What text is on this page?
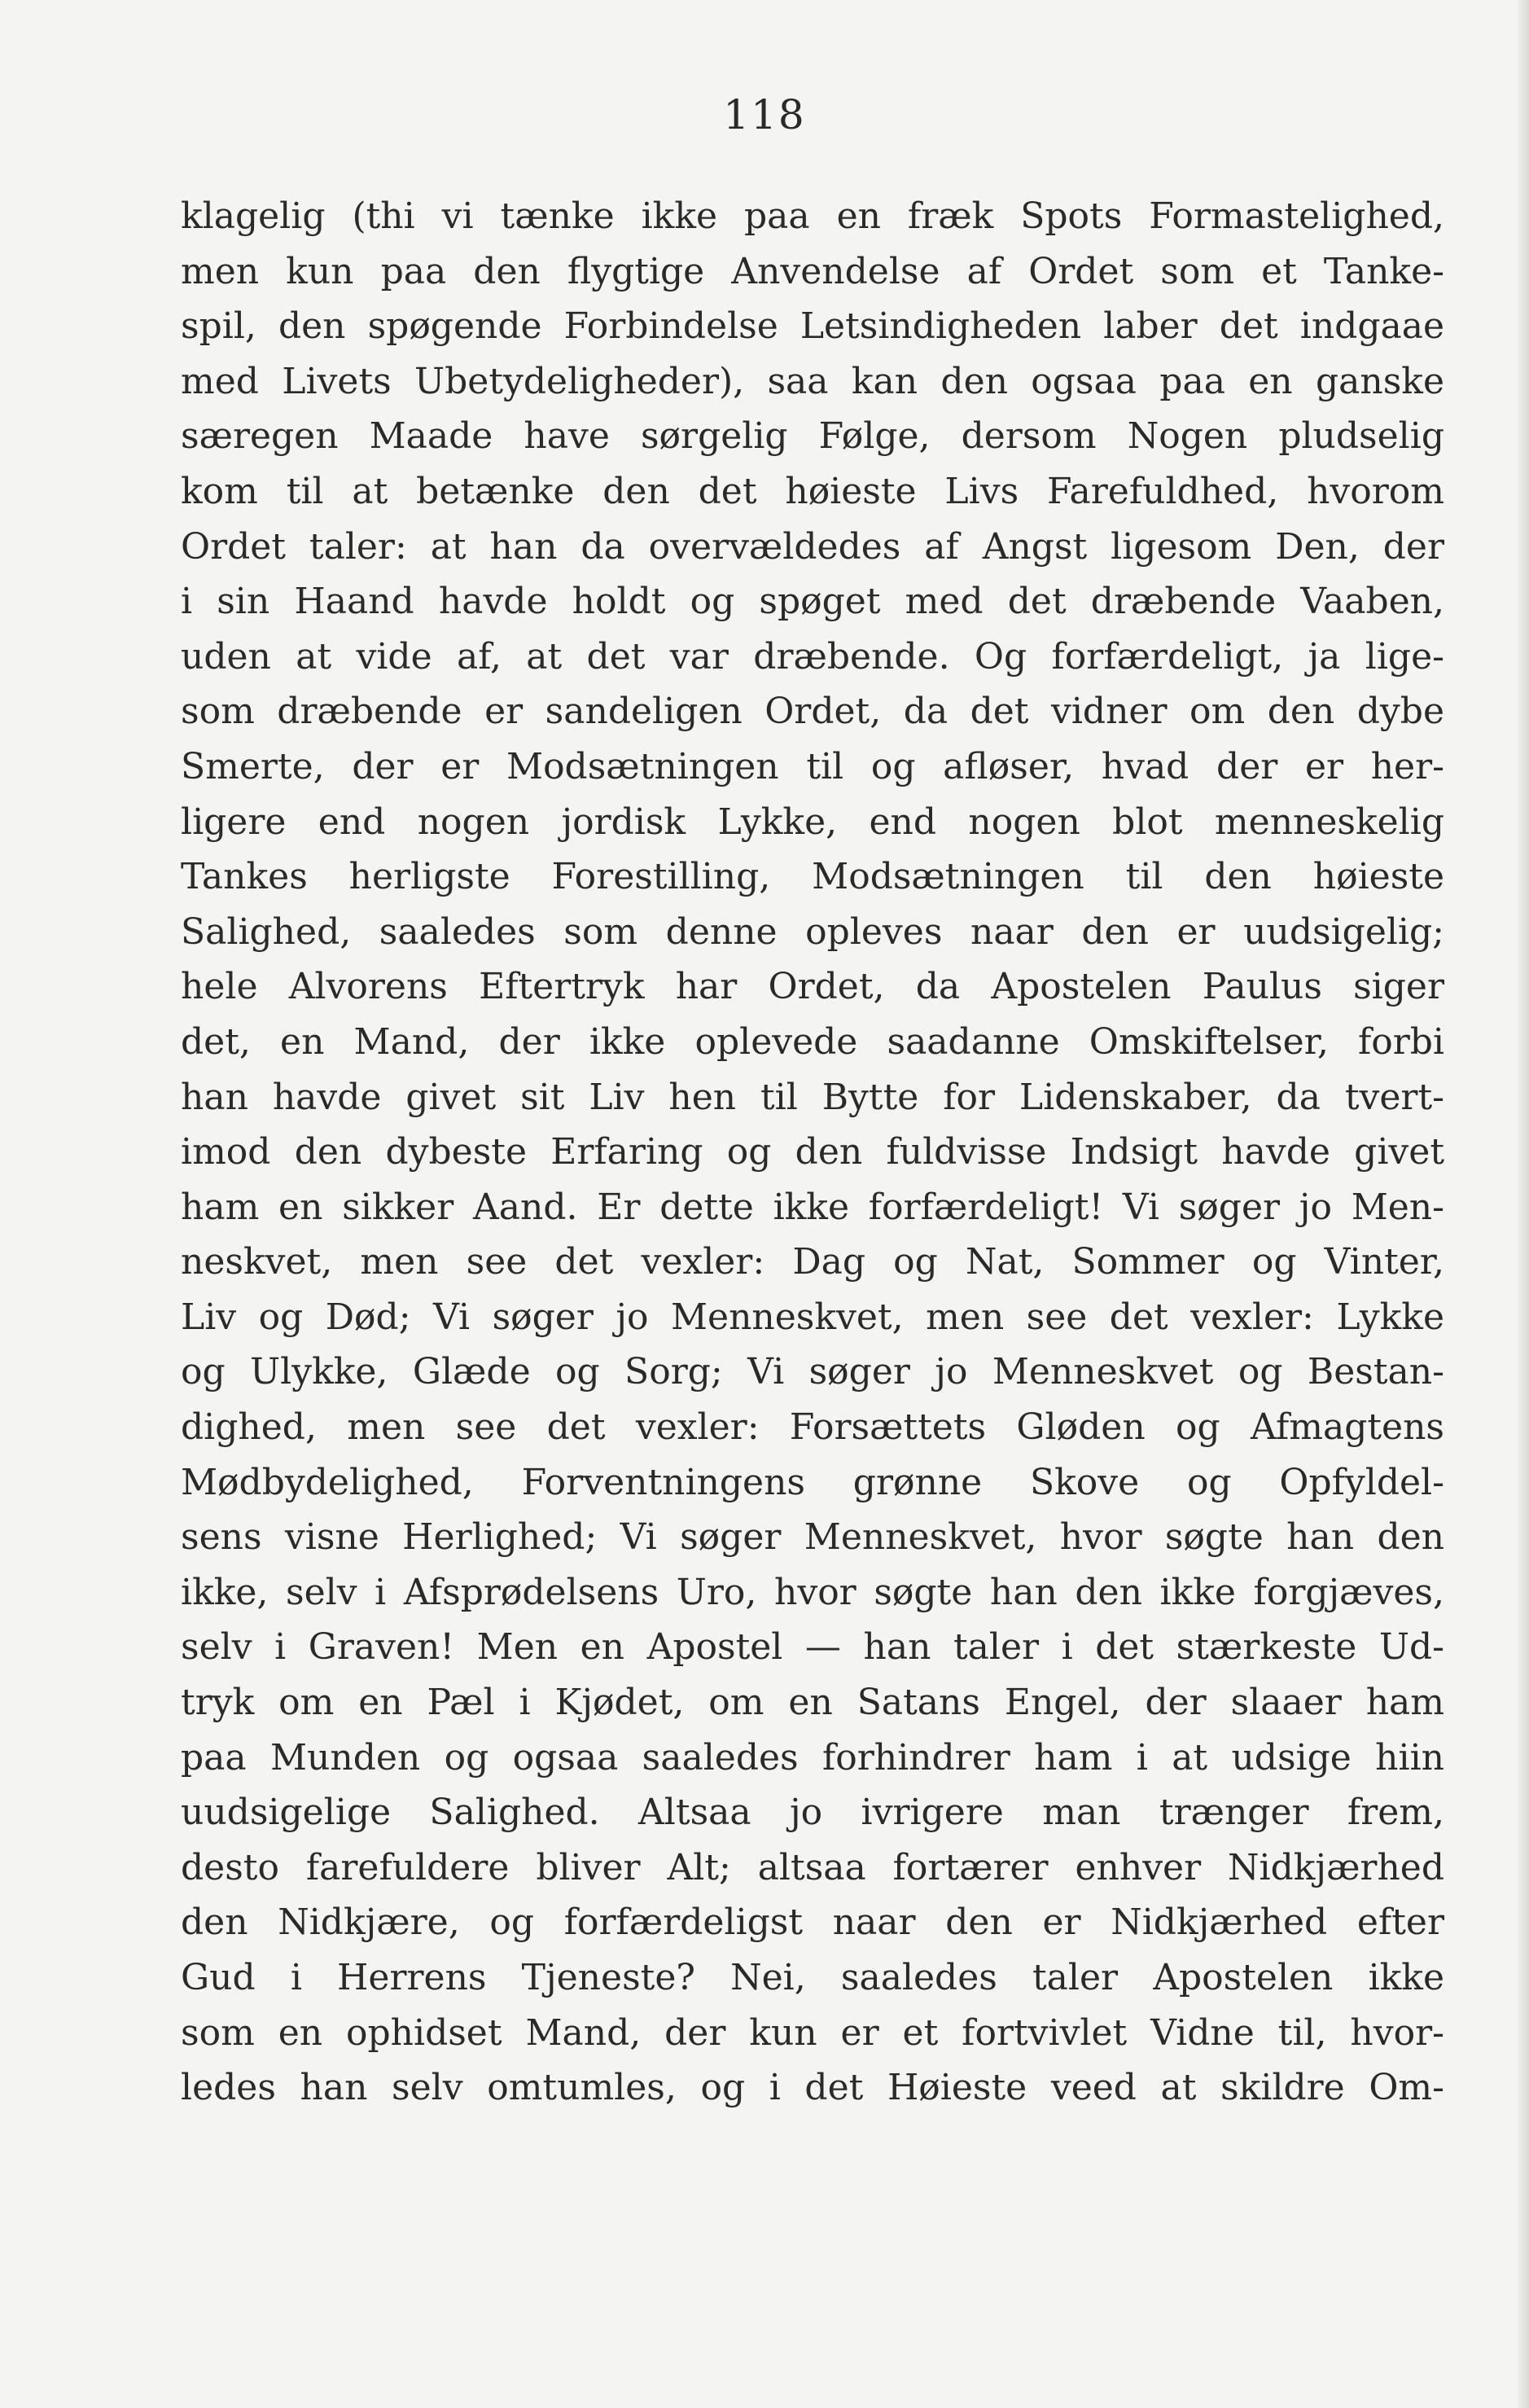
118
klagelig (thi vi tænke ikke paa en fræk Spots Formastelighed,
men kun paa den flygtige Anvendelse af Ordet som et Tanke-
spil, den spøgende Forbindelse Letsindigheden laber det indgaae
med Livets Ubetydeligheder), saa kan den ogsaa paa en ganske
særegen Maade have sørgelig Følge, dersom Nogen pludselig
kom til at betænke den det høieste Livs Farefuldhed, hvorom
Ordet taler: at han da overvældedes af Angst ligesom Den, der
i sin Haand havde holdt og spøget med det dræbende Vaaben,
uden at vide af, at det var dræbende. Og forfærdeligt, ja lige-
som dræbende er sandeligen Ordet, da det vidner om den dybe
Smerte, der er Modsætningen til og afløser, hvad der er her-
ligere end nogen jordisk Lykke, end nogen blot menneskelig
Tankes herligste Forestilling, Modsætningen til den høieste
Salighed, saaledes som denne opleves naar den er uudsigelig;
hele Alvorens Eftertryk har Ordet, da Apostelen Paulus siger
det, en Mand, der ikke oplevede saadanne Omskiftelser, forbi
han havde givet sit Liv hen til Bytte for Lidenskaber, da tvert-
imod den dybeste Erfaring og den fuldvisse Indsigt havde givet
ham en sikker Aand. Er dette ikke forfærdeligt! Vi søger jo Men-
neskvet, men see det vexler: Dag og Nat, Sommer og Vinter,
Liv og Død; Vi søger jo Menneskvet, men see det vexler: Lykke
og Ulykke, Glæde og Sorg; Vi søger jo Menneskvet og Bestan-
dighed, men see det vexler: Forsættets Gløden og Afmagtens
Mødbydelighed, Forventningens grønne Skove og Opfyldel-
sens visne Herlighed; Vi søger Menneskvet, hvor søgte han den
ikke, selv i Afsprødelsens Uro, hvor søgte han den ikke forgjæves,
selv i Graven! Men en Apostel — han taler i det stærkeste Ud-
tryk om en Pæl i Kjødet, om en Satans Engel, der slaaer ham
paa Munden og ogsaa saaledes forhindrer ham i at udsige hiin
uudsigelige Salighed. Altsaa jo ivrigere man trænger frem,
desto farefuldere bliver Alt; altsaa fortærer enhver Nidkjærhed
den Nidkjære, og forfærdeligst naar den er Nidkjærhed efter
Gud i Herrens Tjeneste? Nei, saaledes taler Apostelen ikke
som en ophidset Mand, der kun er et fortvivlet Vidne til, hvor-
ledes han selv omtumles, og i det Høieste veed at skildre Om-
